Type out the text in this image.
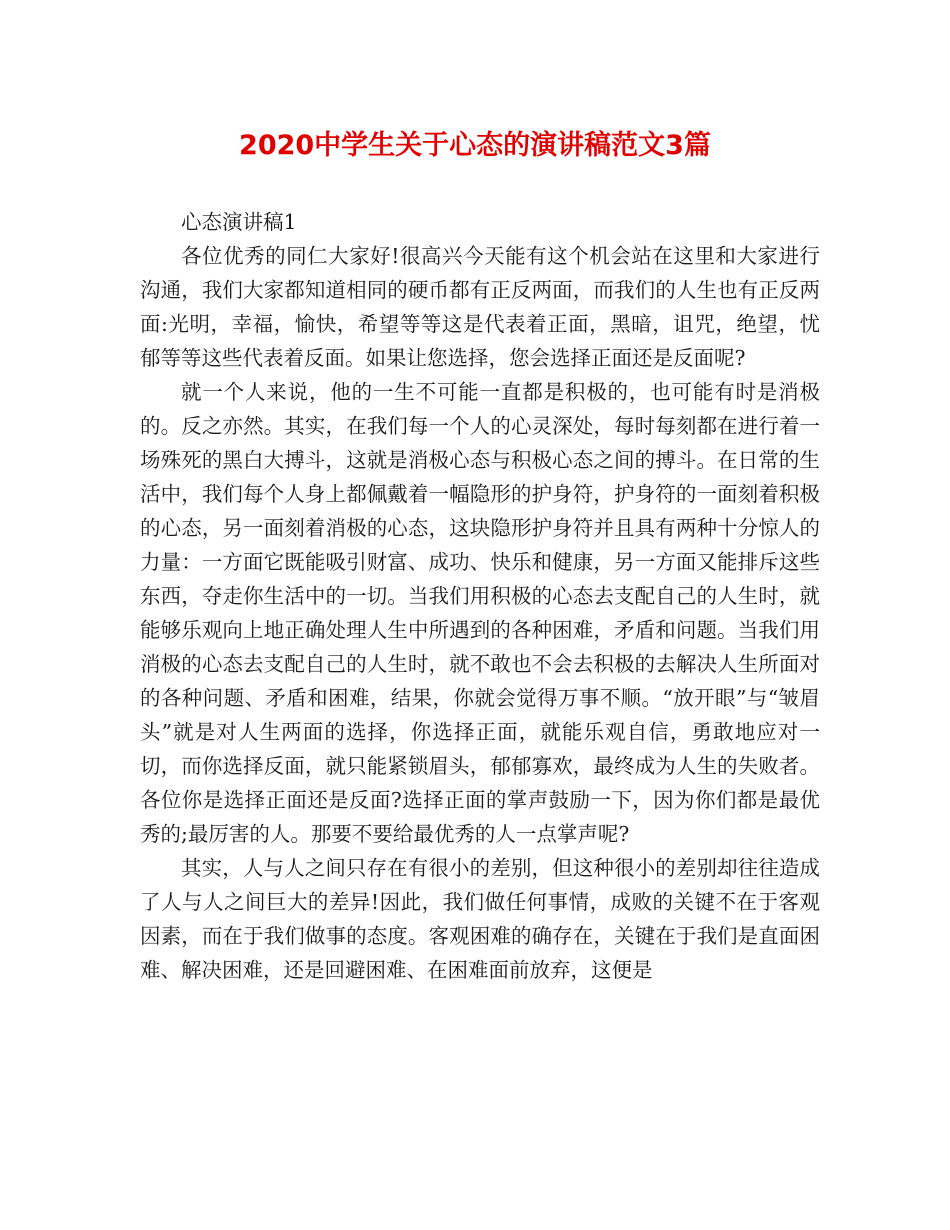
2020中学生关于心态的演讲稿范文3篇

心态演讲稿1

各位优秀的同仁大家好!很高兴今天能有这个机会站在这里和大家进行沟通，我们大家都知道相同的硬币都有正反两面，而我们的人生也有正反两面:光明，幸福，愉快，希望等等这是代表着正面，黑暗，诅咒，绝望，忧郁等等这些代表着反面。如果让您选择，您会选择正面还是反面呢?

就一个人来说，他的一生不可能一直都是积极的，也可能有时是消极的。反之亦然。其实，在我们每一个人的心灵深处，每时每刻都在进行着一场殊死的黑白大搏斗，这就是消极心态与积极心态之间的搏斗。在日常的生活中，我们每个人身上都佩戴着一幅隐形的护身符，护身符的一面刻着积极的心态，另一面刻着消极的心态，这块隐形护身符并且具有两种十分惊人的力量：一方面它既能吸引财富、成功、快乐和健康，另一方面又能排斥这些东西，夺走你生活中的一切。当我们用积极的心态去支配自己的人生时，就能够乐观向上地正确处理人生中所遇到的各种困难，矛盾和问题。当我们用消极的心态去支配自己的人生时，就不敢也不会去积极的去解决人生所面对的各种问题、矛盾和困难，结果，你就会觉得万事不顺。“放开眼”与“皱眉头”就是对人生两面的选择，你选择正面，就能乐观自信，勇敢地应对一切，而你选择反面，就只能紧锁眉头，郁郁寡欢，最终成为人生的失败者。各位你是选择正面还是反面?选择正面的掌声鼓励一下，因为你们都是最优秀的;最厉害的人。那要不要给最优秀的人一点掌声呢?

其实，人与人之间只存在有很小的差别，但这种很小的差别却往往造成了人与人之间巨大的差异!因此，我们做任何事情，成败的关键不在于客观因素，而在于我们做事的态度。客观困难的确存在，关键在于我们是直面困难、解决困难，还是回避困难、在困难面前放弃，这便是
